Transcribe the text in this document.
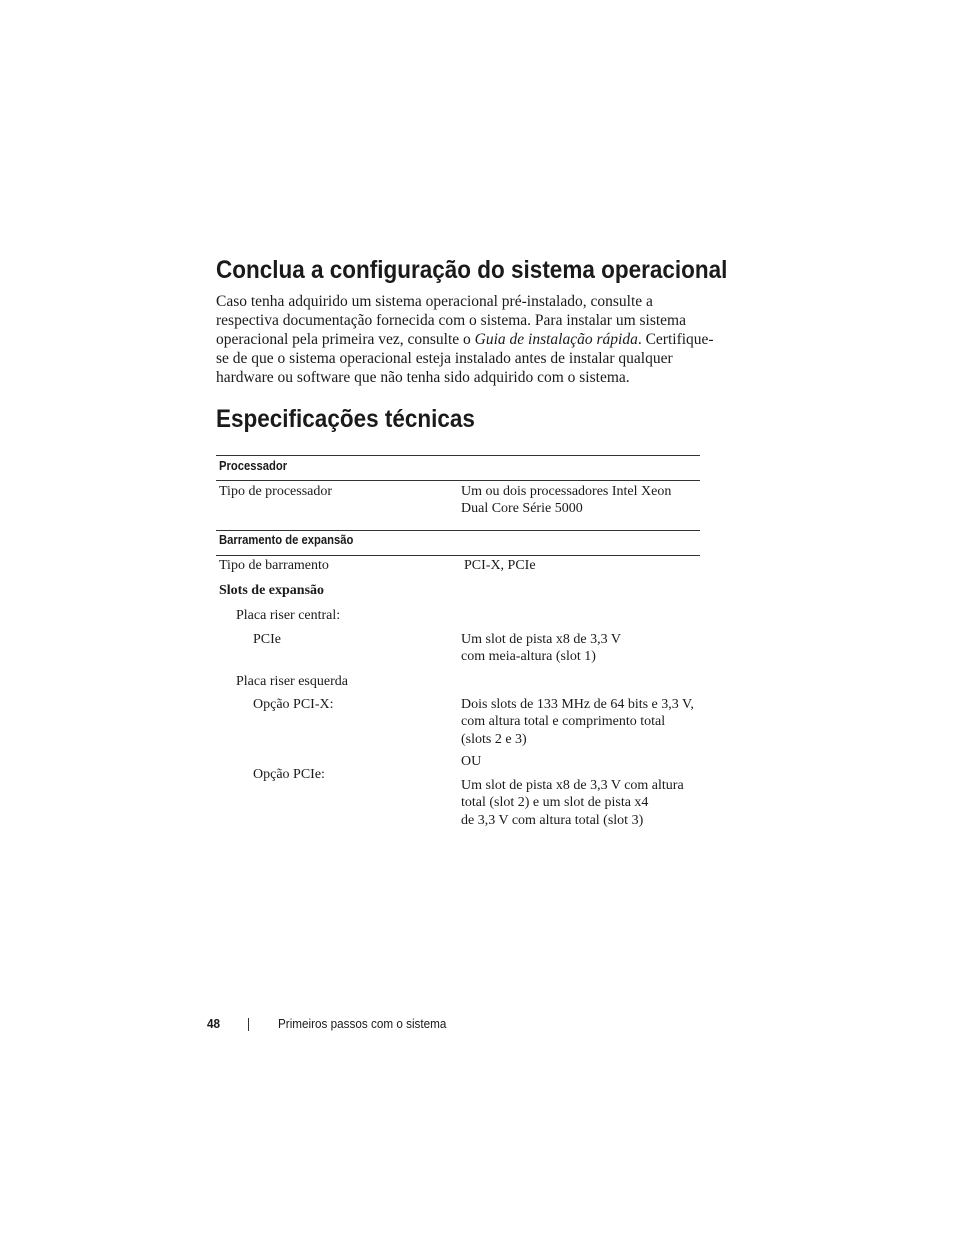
Conclua a configuração do sistema operacional

Caso tenha adquirido um sistema operacional pré-instalado, consulte a
respectiva documentação fornecida com o sistema. Para instalar um sistema
operacional pela primeira vez, consulte o Guia de instalação rápida. Certifique-
se de que o sistema operacional esteja instalado antes de instalar qualquer
hardware ou software que não tenha sido adquirido com o sistema.

Especificações técnicas
Processador
Tipo de processador	Um ou dois processadores Intel Xeon
Dual Core Série 5000
Barramento de expansão
Tipo de barramento	PCI-X, PCIe
Slots de expansão
Placa riser central:
PCIe	Um slot de pista x8 de 3,3 V
com meia-altura (slot 1)
Placa riser esquerda
Opção PCI-X:	Dois slots de 133 MHz de 64 bits e 3,3 V,
com altura total e comprimento total
(slots 2 e 3)
OU
Opção PCIe:
Um slot de pista x8 de 3,3 V com altura
total (slot 2) e um slot de pista x4
de 3,3 V com altura total (slot 3)
48	Primeiros passos com o sistema
